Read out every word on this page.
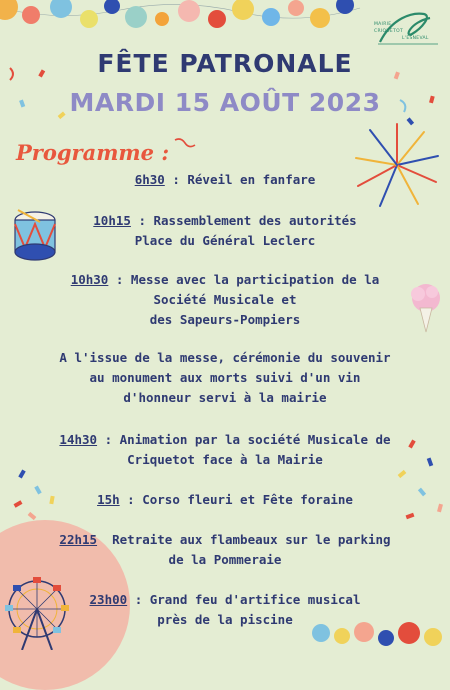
MAIRIE
CRIQUETOT
L'ESNEVAL
FÊTE PATRONALE
MARDI 15 AOÛT 2023
Programme :
6h30 : Réveil en fanfare
10h15 : Rassemblement des autorités
Place du Général Leclerc
10h30 : Messe avec la participation de la
Société Musicale et
des Sapeurs-Pompiers
A l'issue de la messe, cérémonie du souvenir
au monument aux morts suivi d'un vin
d'honneur servi à la mairie
14h30 : Animation par la société Musicale de
Criquetot face à la Mairie
15h : Corso fleuri et Fête foraine
22h15  Retraite aux flambeaux sur le parking
de la Pommeraie
23h00 : Grand feu d'artifice musical
près de la piscine
